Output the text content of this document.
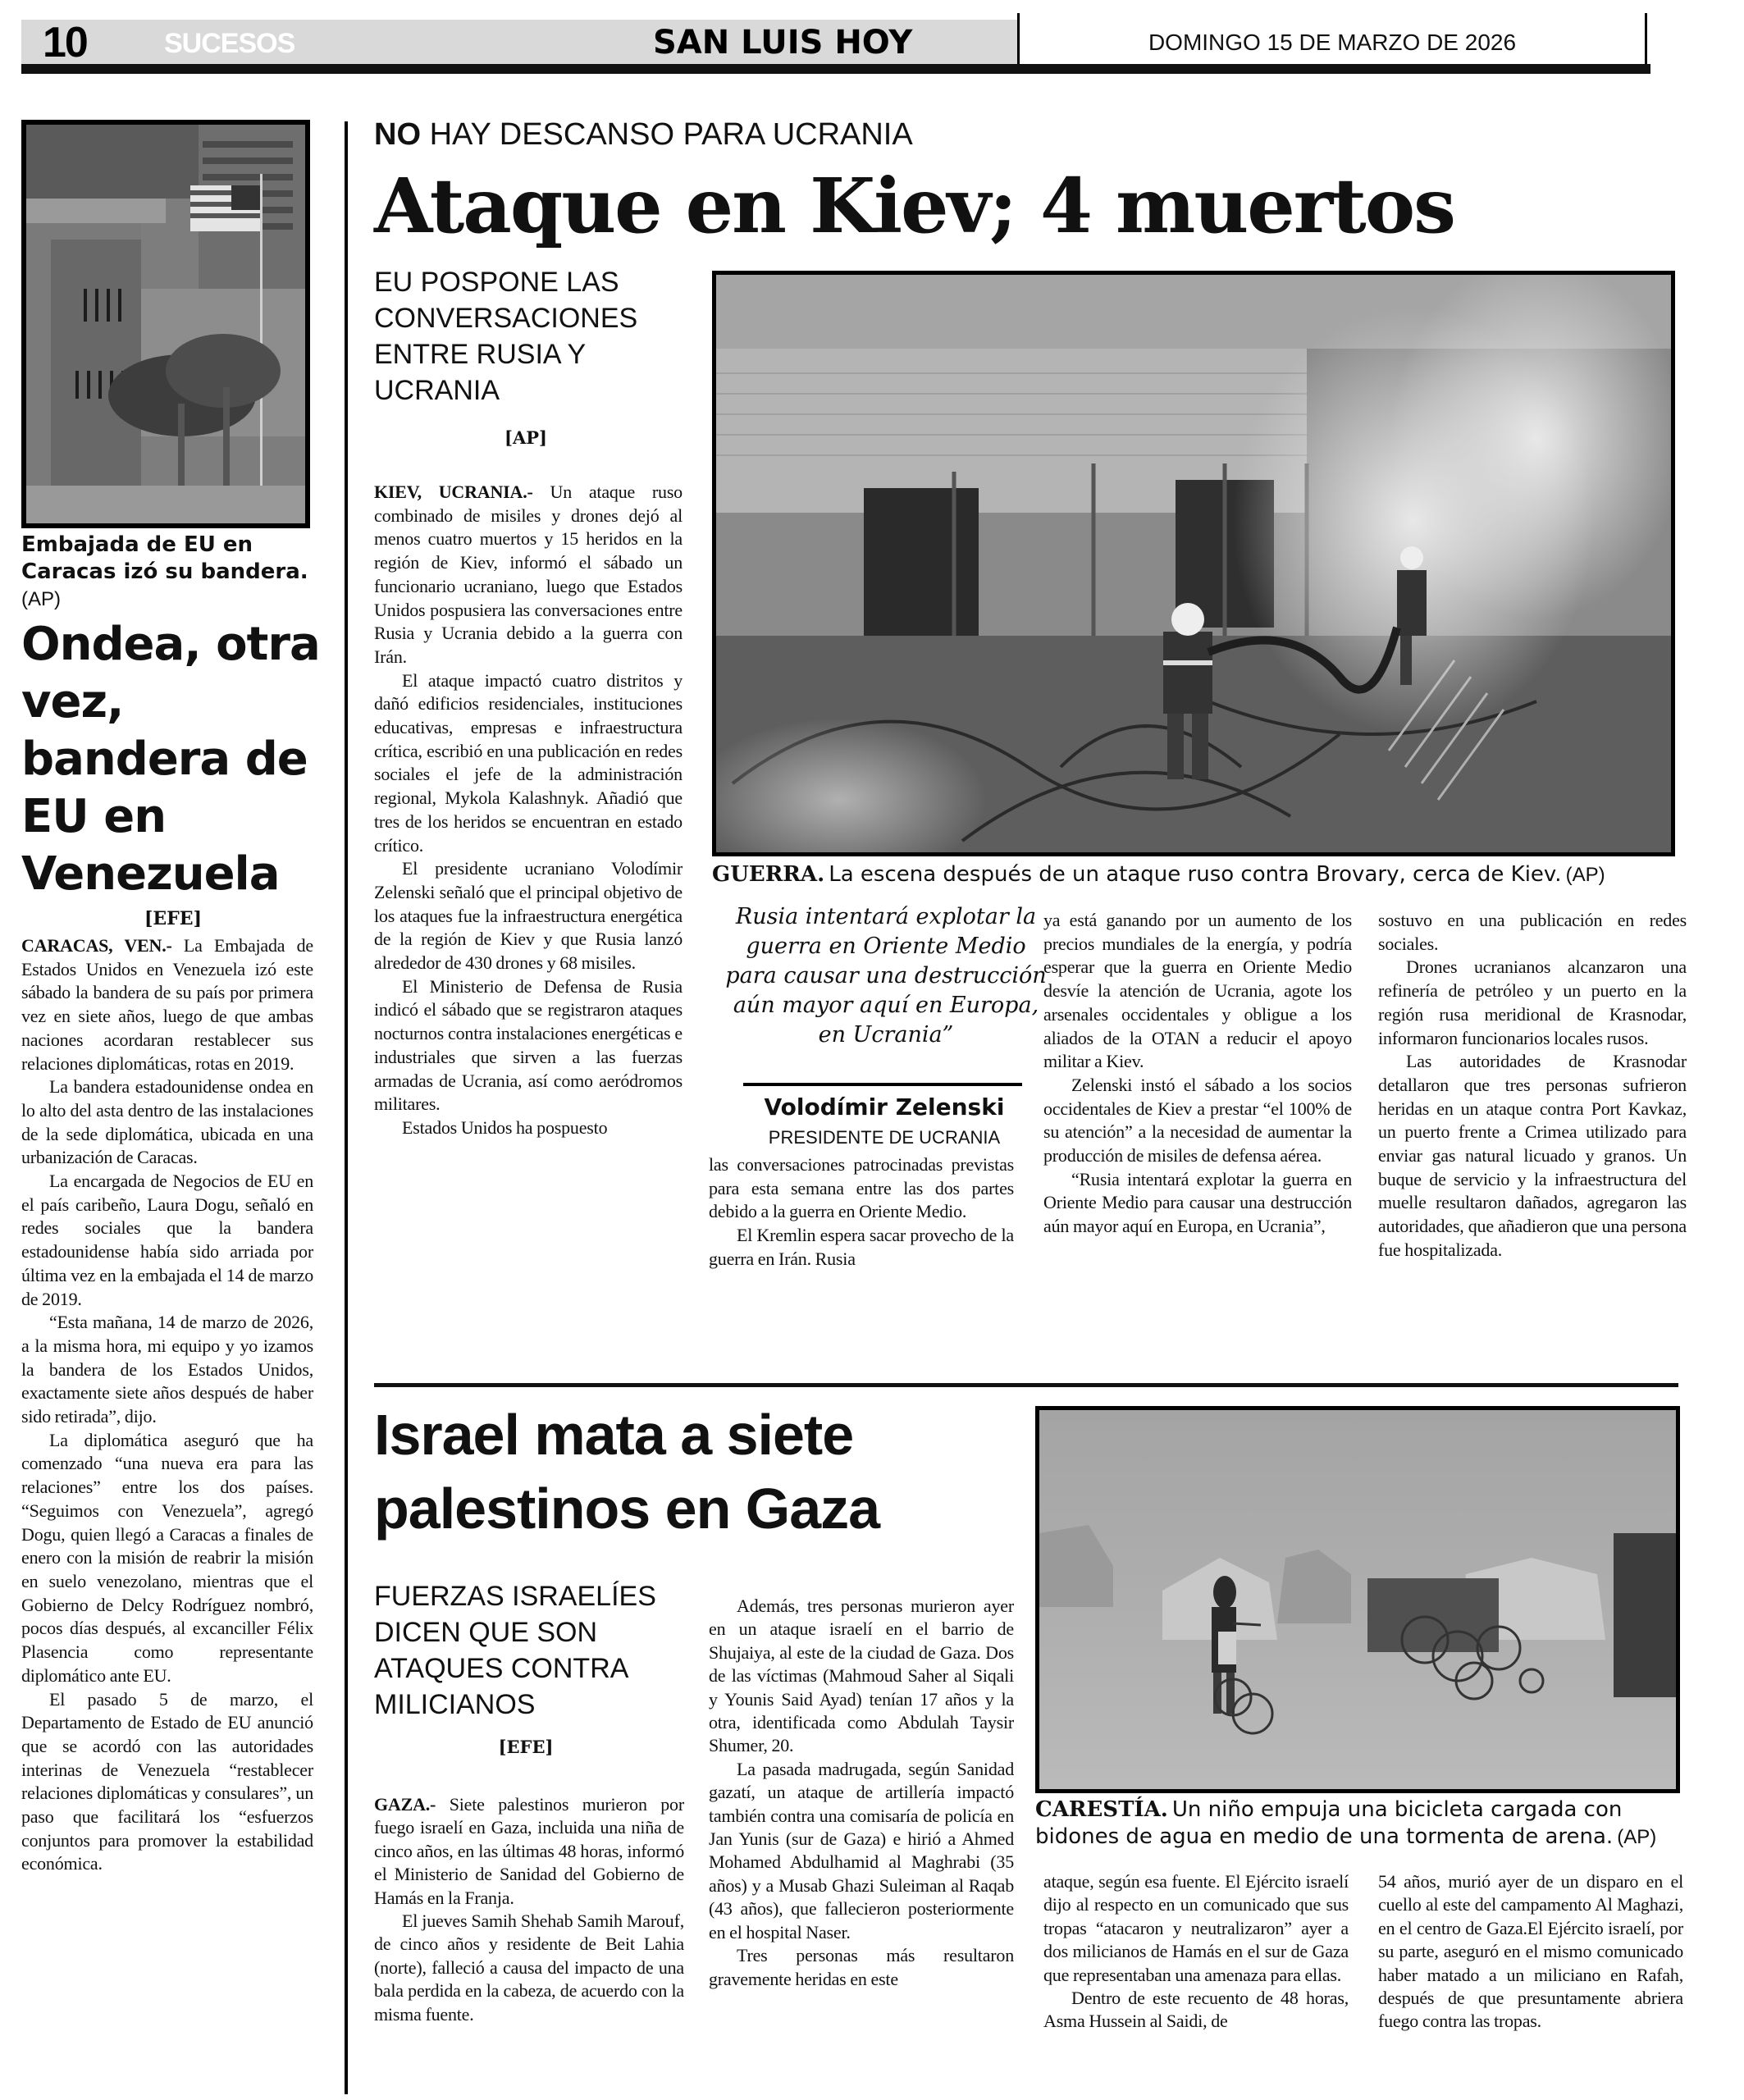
10	SUCESOS	SAN LUIS HOY	DOMINGO 15 DE MARZO DE 2026
Embajada de EU en Caracas izó su bandera. (AP)
Ondea, otra vez, bandera de EU en Venezuela
[EFE]

CARACAS, VEN.- La Embajada de Estados Unidos en Venezuela izó este sábado la bandera de su país por primera vez en siete años, luego de que ambas naciones acordaran restablecer sus relaciones diplomáticas, rotas en 2019.

La bandera estadounidense ondea en lo alto del asta dentro de las instalaciones de la sede diplomática, ubicada en una urbanización de Caracas.

La encargada de Negocios de EU en el país caribeño, Laura Dogu, señaló en redes sociales que la bandera estadounidense había sido arriada por última vez en la embajada el 14 de marzo de 2019.

“Esta mañana, 14 de marzo de 2026, a la misma hora, mi equipo y yo izamos la bandera de los Estados Unidos, exactamente siete años después de haber sido retirada”, dijo.

La diplomática aseguró que ha comenzado “una nueva era para las relaciones” entre los dos países. “Seguimos con Venezuela”, agregó Dogu, quien llegó a Caracas a finales de enero con la misión de reabrir la misión en suelo venezolano, mientras que el Gobierno de Delcy Rodríguez nombró, pocos días después, al excanciller Félix Plasencia como representante diplomático ante EU.

El pasado 5 de marzo, el Departamento de Estado de EU anunció que se acordó con las autoridades interinas de Venezuela “restablecer relaciones diplomáticas y consulares”, un paso que facilitará los “esfuerzos conjuntos para promover la estabilidad económica.

NO HAY DESCANSO PARA UCRANIA
Ataque en Kiev; 4 muertos
EU POSPONE LAS CONVERSACIONES ENTRE RUSIA Y UCRANIA
[AP]

KIEV, UCRANIA.- Un ataque ruso combinado de misiles y drones dejó al menos cuatro muertos y 15 heridos en la región de Kiev, informó el sábado un funcionario ucraniano, luego que Estados Unidos pospusiera las conversaciones entre Rusia y Ucrania debido a la guerra con Irán.

El ataque impactó cuatro distritos y dañó edificios residenciales, instituciones educativas, empresas e infraestructura crítica, escribió en una publicación en redes sociales el jefe de la administración regional, Mykola Kalashnyk. Añadió que tres de los heridos se encuentran en estado crítico.

El presidente ucraniano Volodímir Zelenski señaló que el principal objetivo de los ataques fue la infraestructura energética de la región de Kiev y que Rusia lanzó alrededor de 430 drones y 68 misiles.

El Ministerio de Defensa de Rusia indicó el sábado que se registraron ataques nocturnos contra instalaciones energéticas e industriales que sirven a las fuerzas armadas de Ucrania, así como aeródromos militares.

Estados Unidos ha pospuesto

GUERRA. La escena después de un ataque ruso contra Brovary, cerca de Kiev. (AP)
Rusia intentará explotar la guerra en Oriente Medio para causar una destrucción aún mayor aquí en Europa, en Ucrania”
Volodímir Zelenski
PRESIDENTE DE UCRANIA

las conversaciones patrocinadas previstas para esta semana entre las dos partes debido a la guerra en Oriente Medio.

El Kremlin espera sacar provecho de la guerra en Irán. Rusia

ya está ganando por un aumento de los precios mundiales de la energía, y podría esperar que la guerra en Oriente Medio desvíe la atención de Ucrania, agote los arsenales occidentales y obligue a los aliados de la OTAN a reducir el apoyo militar a Kiev.

Zelenski instó el sábado a los socios occidentales de Kiev a prestar “el 100% de su atención” a la necesidad de aumentar la producción de misiles de defensa aérea.

“Rusia intentará explotar la guerra en Oriente Medio para causar una destrucción aún mayor aquí en Europa, en Ucrania”,

sostuvo en una publicación en redes sociales.

Drones ucranianos alcanzaron una refinería de petróleo y un puerto en la región rusa meridional de Krasnodar, informaron funcionarios locales rusos.

Las autoridades de Krasnodar detallaron que tres personas sufrieron heridas en un ataque contra Port Kavkaz, un puerto frente a Crimea utilizado para enviar gas natural licuado y granos. Un buque de servicio y la infraestructura del muelle resultaron dañados, agregaron las autoridades, que añadieron que una persona fue hospitalizada.

Israel mata a siete palestinos en Gaza
FUERZAS ISRAELÍES DICEN QUE SON ATAQUES CONTRA MILICIANOS
[EFE]

GAZA.- Siete palestinos murieron por fuego israelí en Gaza, incluida una niña de cinco años, en las últimas 48 horas, informó el Ministerio de Sanidad del Gobierno de Hamás en la Franja.

El jueves Samih Shehab Samih Marouf, de cinco años y residente de Beit Lahia (norte), falleció a causa del impacto de una bala perdida en la cabeza, de acuerdo con la misma fuente.

Además, tres personas murieron ayer en un ataque israelí en el barrio de Shujaiya, al este de la ciudad de Gaza. Dos de las víctimas (Mahmoud Saher al Siqali y Younis Said Ayad) tenían 17 años y la otra, identificada como Abdulah Taysir Shumer, 20.

La pasada madrugada, según Sanidad gazatí, un ataque de artillería impactó también contra una comisaría de policía en Jan Yunis (sur de Gaza) e hirió a Ahmed Mohamed Abdulhamid al Maghrabi (35 años) y a Musab Ghazi Suleiman al Raqab (43 años), que fallecieron posteriormente en el hospital Naser.

Tres personas más resultaron gravemente heridas en este

CARESTÍA. Un niño empuja una bicicleta cargada con bidones de agua en medio de una tormenta de arena. (AP)

ataque, según esa fuente. El Ejército israelí dijo al respecto en un comunicado que sus tropas “atacaron y neutralizaron” ayer a dos milicianos de Hamás en el sur de Gaza que representaban una amenaza para ellas.

Dentro de este recuento de 48 horas, Asma Hussein al Saidi, de

54 años, murió ayer de un disparo en el cuello al este del campamento Al Maghazi, en el centro de Gaza.El Ejército israelí, por su parte, aseguró en el mismo comunicado haber matado a un miliciano en Rafah, después de que presuntamente abriera fuego contra las tropas.
